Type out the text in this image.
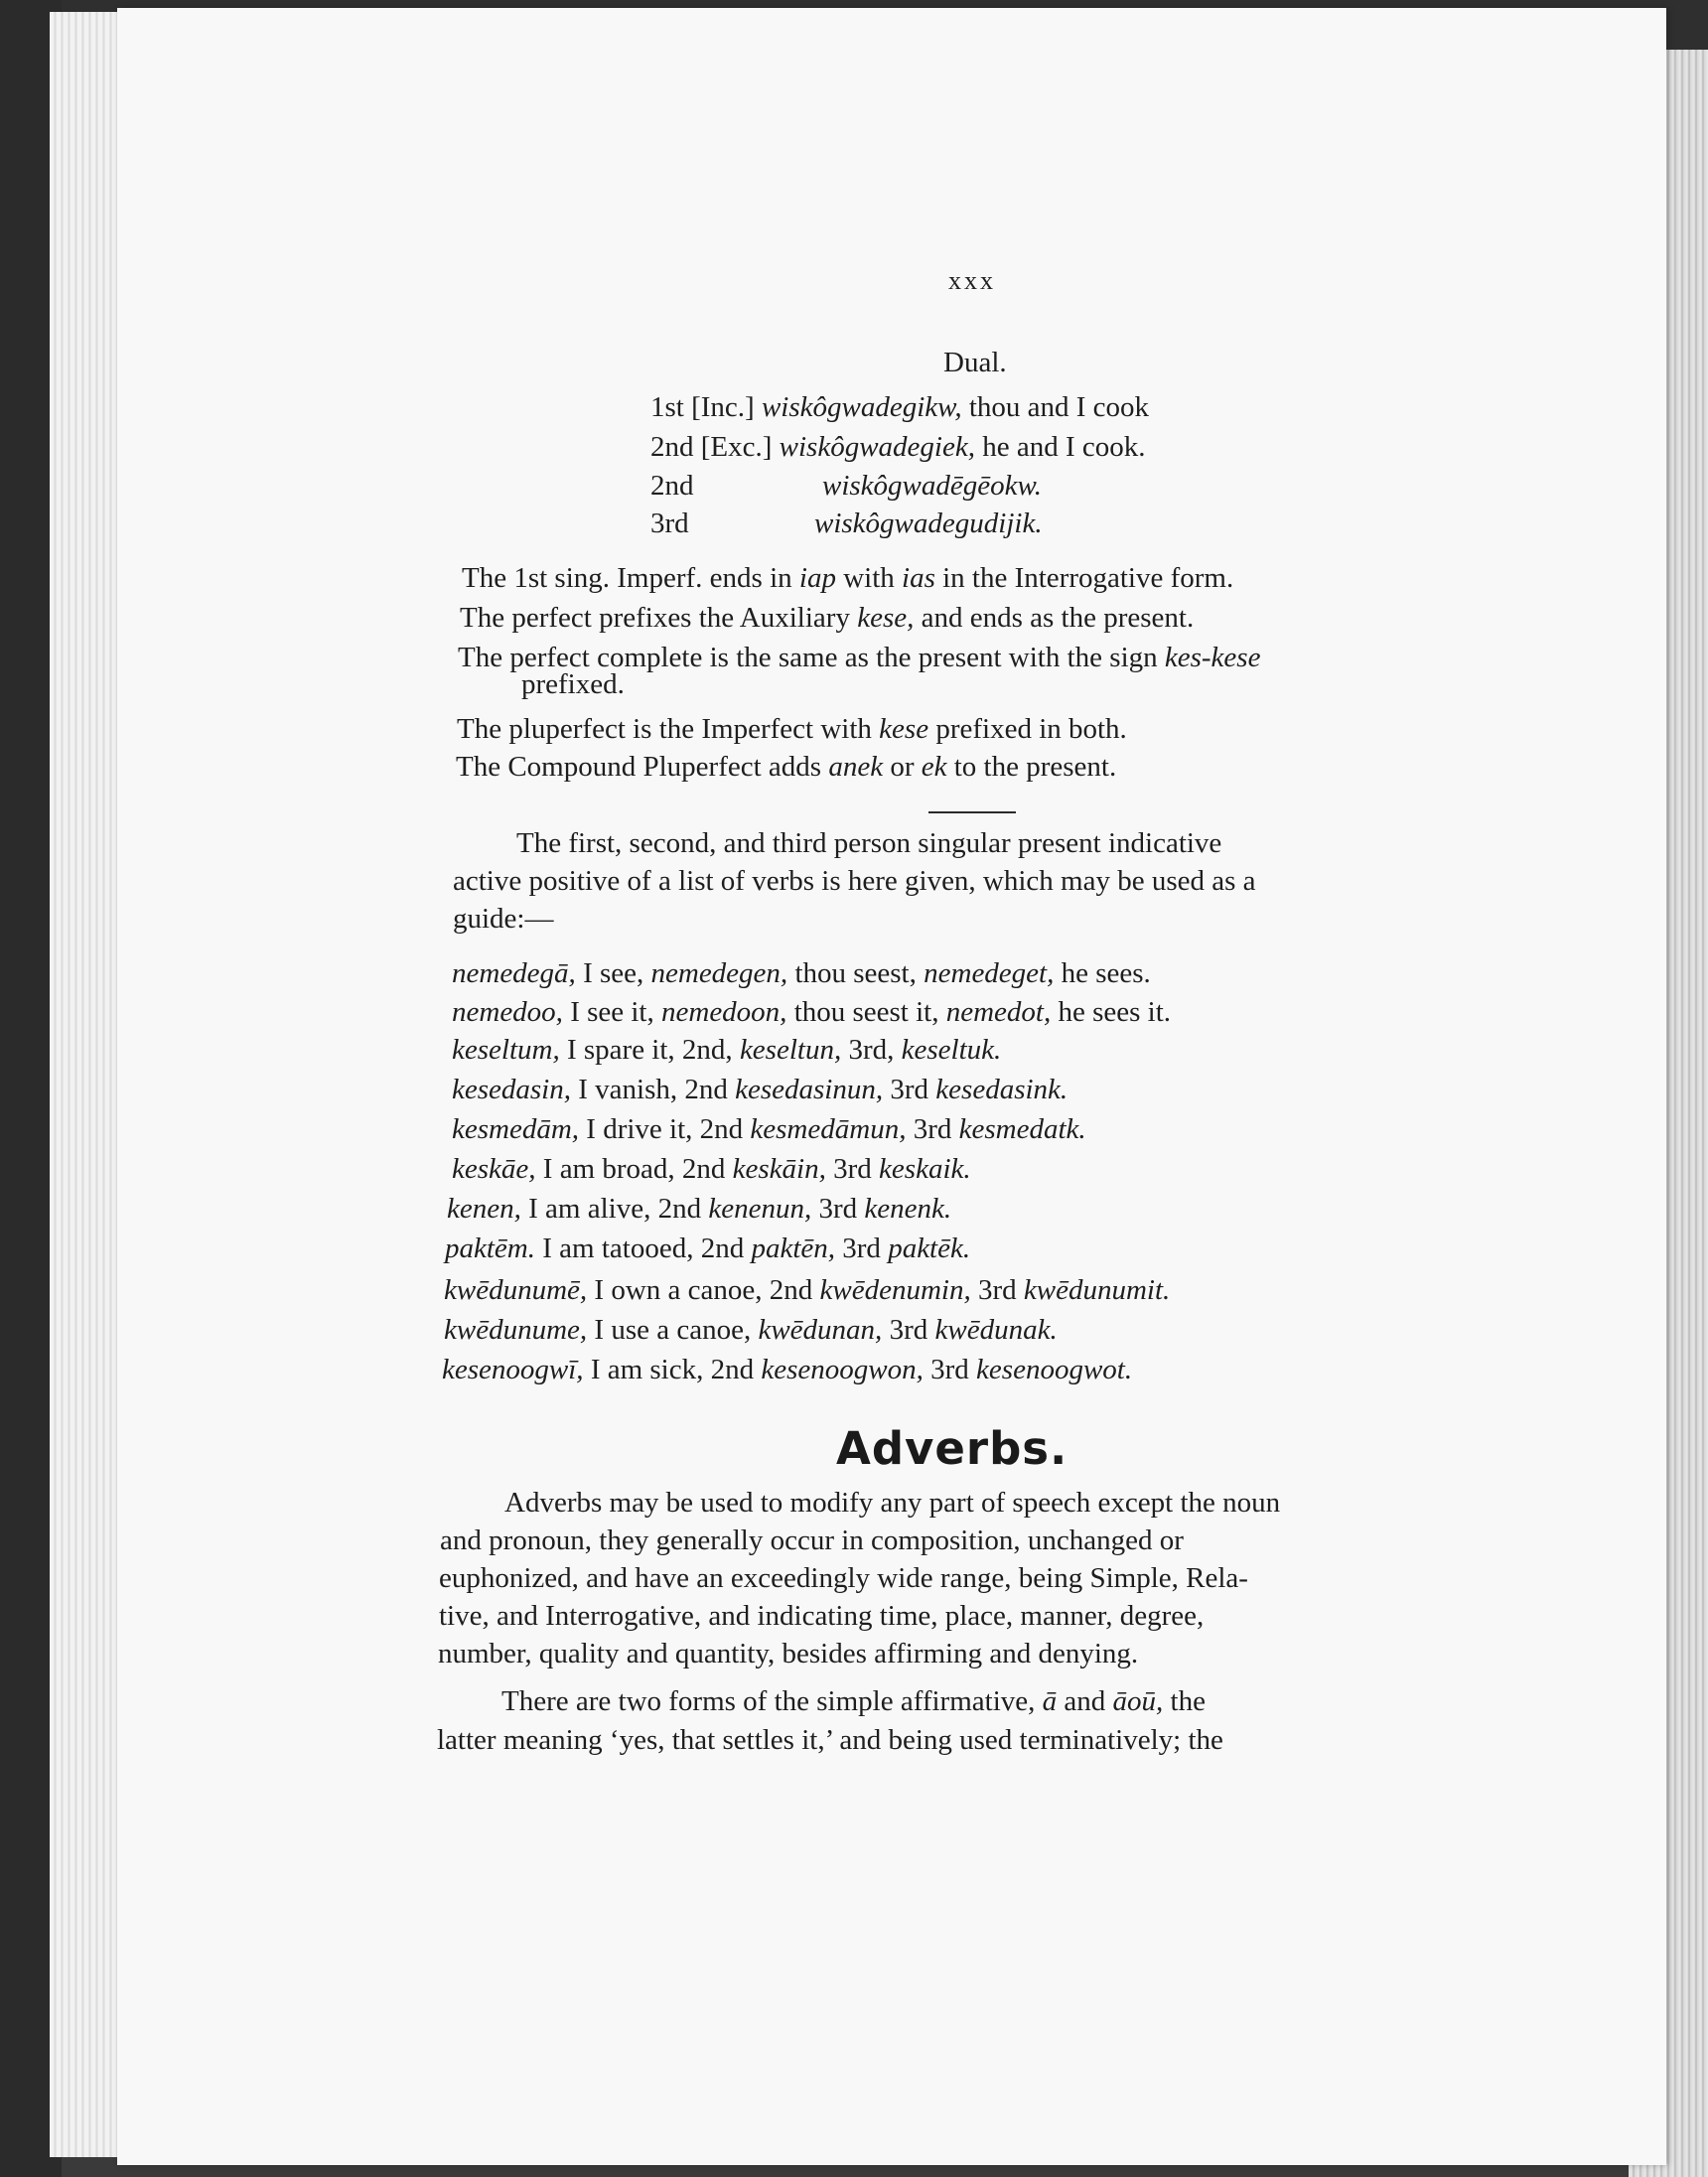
xxx
Dual.
1st [Inc.] wiskôgwadegikw, thou and I cook
2nd [Exc.] wiskôgwadegiek, he and I cook.
2nd	wiskôgwadēgēokw.
3rd	wiskôgwadegudijik.
The 1st sing. Imperf. ends in iap with ias in the Interrogative form.
The perfect prefixes the Auxiliary kese, and ends as the present.
The perfect complete is the same as the present with the sign kes-kese
prefixed.
The pluperfect is the Imperfect with kese prefixed in both.
The Compound Pluperfect adds anek or ek to the present.
The first, second, and third person singular present indicative
active positive of a list of verbs is here given, which may be used as a
guide:—
nemedegā, I see, nemedegen, thou seest, nemedeget, he sees.
nemedoo, I see it, nemedoon, thou seest it, nemedot, he sees it.
keseltum, I spare it, 2nd, keseltun, 3rd, keseltuk.
kesedasin, I vanish, 2nd kesedasinun, 3rd kesedasink.
kesmedām, I drive it, 2nd kesmedāmun, 3rd kesmedatk.
keskāe, I am broad, 2nd keskāin, 3rd keskaik.
kenen, I am alive, 2nd kenenun, 3rd kenenk.
paktēm. I am tatooed, 2nd paktēn, 3rd paktēk.
kwēdunumē, I own a canoe, 2nd kwēdenumin, 3rd kwēdunumit.
kwēdunume, I use a canoe, kwēdunan, 3rd kwēdunak.
kesenoogwī, I am sick, 2nd kesenoogwon, 3rd kesenoogwot.
Adverbs.
Adverbs may be used to modify any part of speech except the noun
and pronoun, they generally occur in composition, unchanged or
euphonized, and have an exceedingly wide range, being Simple, Rela-
tive, and Interrogative, and indicating time, place, manner, degree,
number, quality and quantity, besides affirming and denying.
There are two forms of the simple affirmative, ā and āoū, the
latter meaning ‘yes, that settles it,’ and being used terminatively; the
